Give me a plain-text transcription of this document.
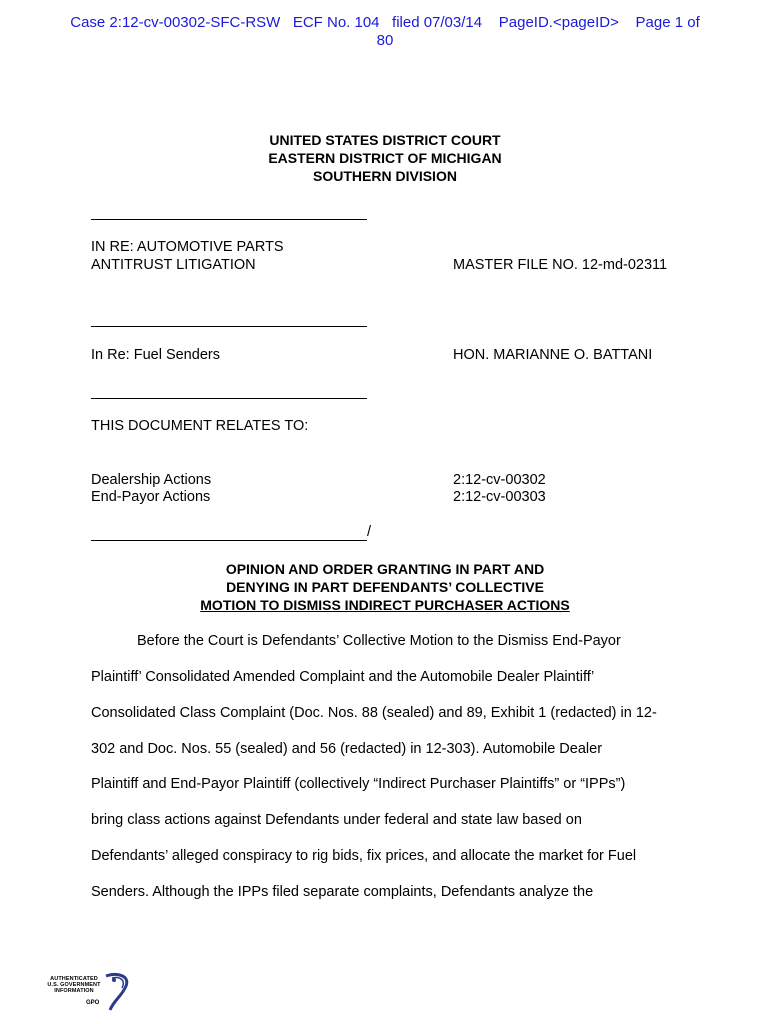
Case 2:12-cv-00302-SFC-RSW   ECF No. 104   filed 07/03/14    PageID.<pageID>    Page 1 of
80
UNITED STATES DISTRICT COURT
EASTERN DISTRICT OF MICHIGAN
SOUTHERN DIVISION
IN RE: AUTOMOTIVE PARTS
ANTITRUST LITIGATION	MASTER FILE NO. 12-md-02311
In Re: Fuel Senders	HON. MARIANNE O. BATTANI
THIS DOCUMENT RELATES TO:
Dealership Actions
End-Payor Actions
2:12-cv-00302
2:12-cv-00303
/
OPINION AND ORDER GRANTING IN PART AND
DENYING IN PART DEFENDANTS’ COLLECTIVE
MOTION TO DISMISS INDIRECT PURCHASER ACTIONS
Before the Court is Defendants’ Collective Motion to the Dismiss End-Payor
Plaintiff’ Consolidated Amended Complaint and the Automobile Dealer Plaintiff’
Consolidated Class Complaint (Doc. Nos. 88 (sealed) and 89, Exhibit 1 (redacted) in 12-
302 and Doc. Nos. 55 (sealed) and 56 (redacted) in 12-303). Automobile Dealer
Plaintiff and End-Payor Plaintiff (collectively “Indirect Purchaser Plaintiffs” or “IPPs”)
bring class actions against Defendants under federal and state law based on
Defendants’ alleged conspiracy to rig bids, fix prices, and allocate the market for Fuel
Senders. Although the IPPs filed separate complaints, Defendants analyze the
AUTHENTICATED
U.S. GOVERNMENT
INFORMATION
GPO
